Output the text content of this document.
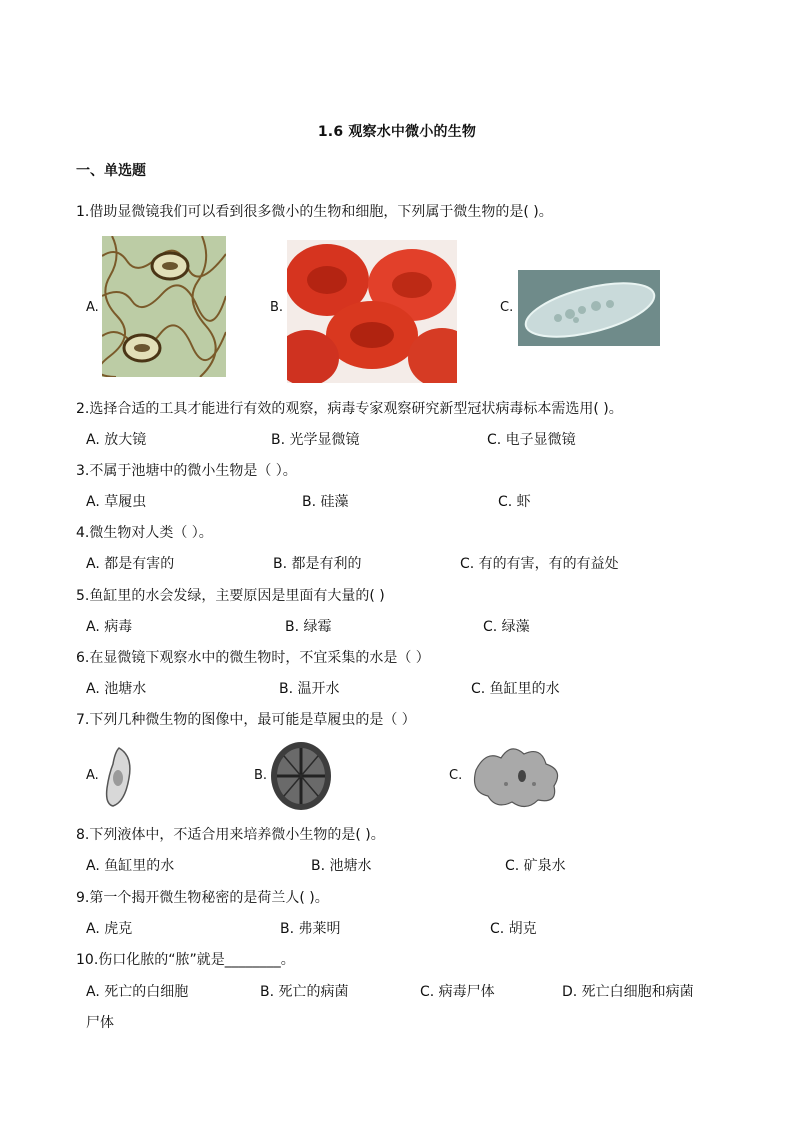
1.6 观察水中微小的生物
一、单选题
1.借助显微镜我们可以看到很多微小的生物和细胞，下列属于微生物的是( )。
A.	B.	C.
2.选择合适的工具才能进行有效的观察，病毒专家观察研究新型冠状病毒标本需选用( )。
A. 放大镜	B. 光学显微镜	C. 电子显微镜
3.不属于池塘中的微小生物是（ ）。
A. 草履虫	B. 硅藻	C. 虾
4.微生物对人类（ ）。
A. 都是有害的	B. 都是有利的	C. 有的有害，有的有益处
5.鱼缸里的水会发绿，主要原因是里面有大量的( )
A. 病毒	B. 绿霉	C. 绿藻
6.在显微镜下观察水中的微生物时，不宜采集的水是（ ）
A. 池塘水	B. 温开水	C. 鱼缸里的水
7.下列几种微生物的图像中，最可能是草履虫的是（ ）
A.	B.	C.
8.下列液体中，不适合用来培养微小生物的是( )。
A. 鱼缸里的水	B. 池塘水	C. 矿泉水
9.第一个揭开微生物秘密的是荷兰人( )。
A. 虎克	B. 弗莱明	C. 胡克
10.伤口化脓的“脓”就是________。
A. 死亡的白细胞	B. 死亡的病菌	C. 病毒尸体	D. 死亡白细胞和病菌
尸体
